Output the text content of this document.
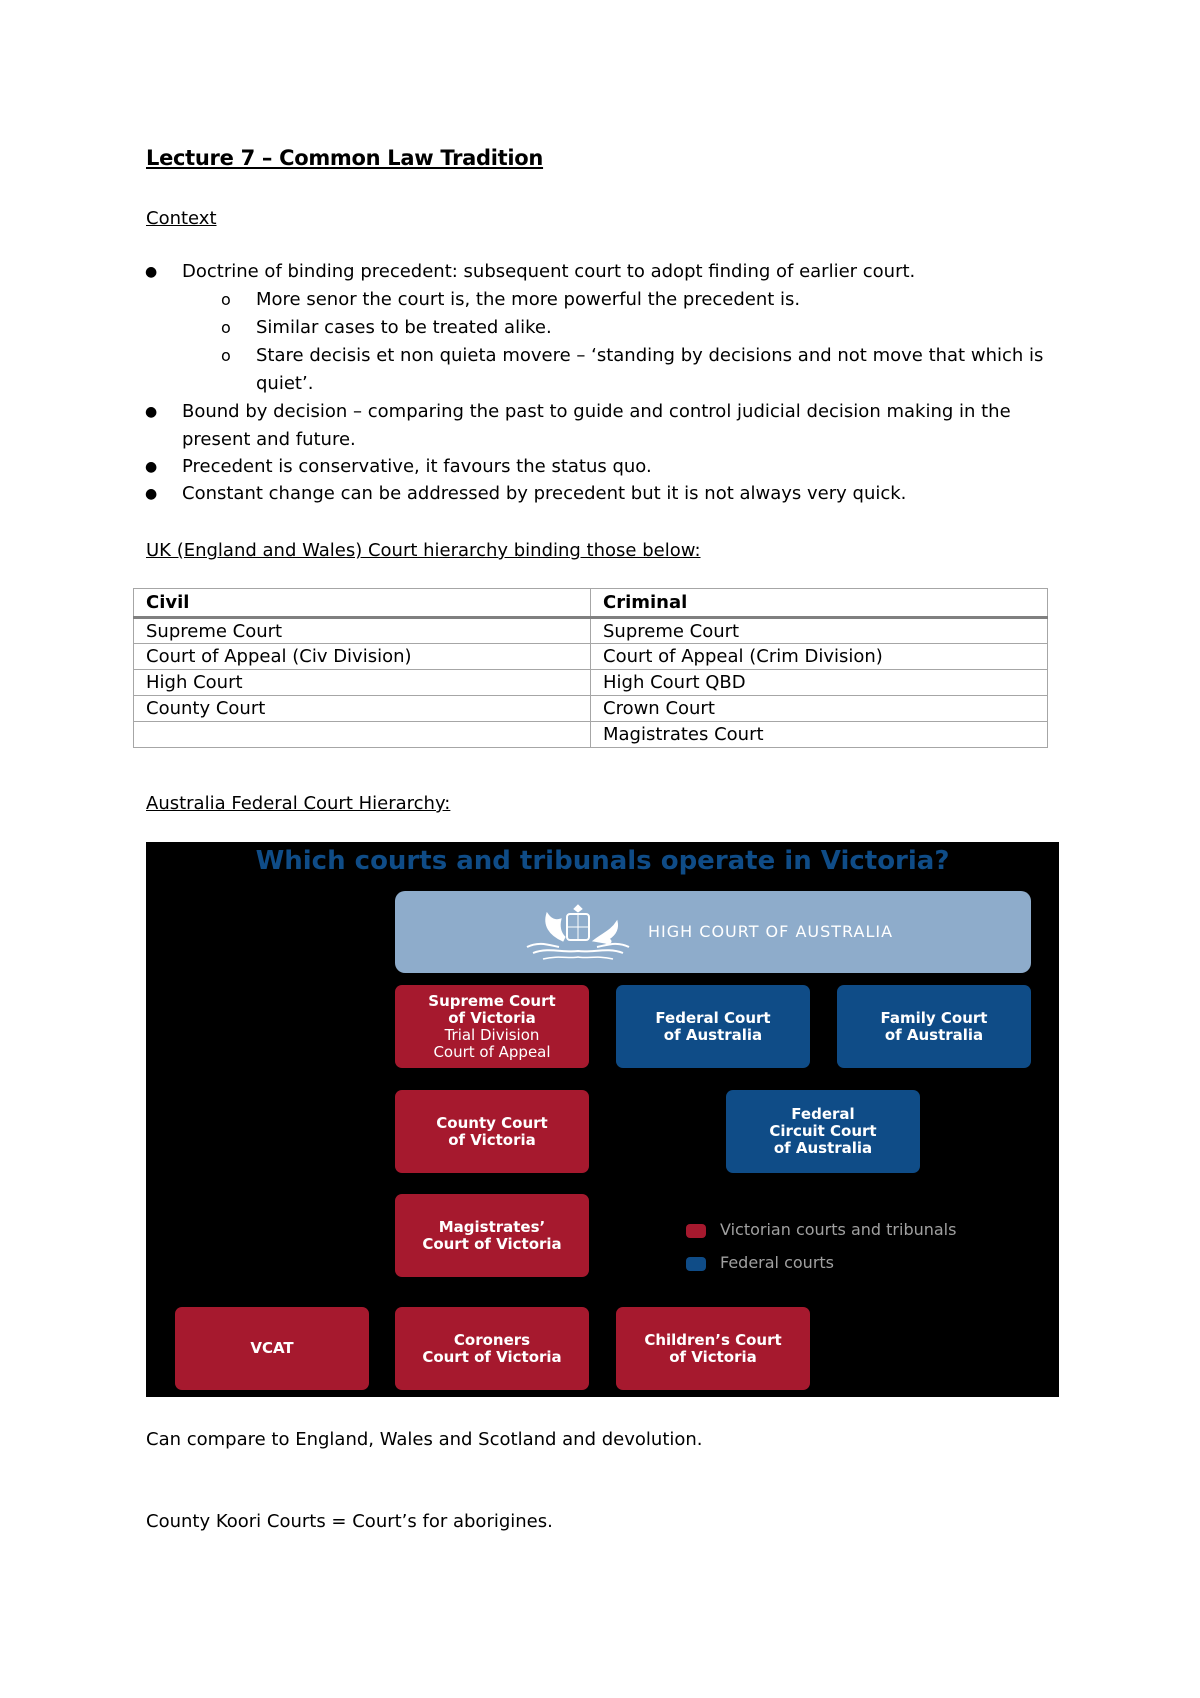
Lecture 7 – Common Law Tradition
Context
● Doctrine of binding precedent: subsequent court to adopt finding of earlier court.
o More senor the court is, the more powerful the precedent is.
o Similar cases to be treated alike.
o Stare decisis et non quieta movere – ‘standing by decisions and not move that which is
quiet’.
● Bound by decision – comparing the past to guide and control judicial decision making in the
present and future.
● Precedent is conservative, it favours the status quo.
● Constant change can be addressed by precedent but it is not always very quick.
UK (England and Wales) Court hierarchy binding those below:
Civil	Criminal
Supreme Court	Supreme Court
Court of Appeal (Civ Division)	Court of Appeal (Crim Division)
High Court	High Court QBD
County Court	Crown Court
	Magistrates Court
Australia Federal Court Hierarchy:
Which courts and tribunals operate in Victoria?
HIGH COURT OF AUSTRALIA
Supreme Court
of Victoria
Trial Division
Court of Appeal
Federal Court
of Australia
Family Court
of Australia
County Court
of Victoria
Federal
Circuit Court
of Australia
Magistrates’
Court of Victoria
Victorian courts and tribunals
Federal courts
VCAT	Coroners
Court of Victoria
Children’s Court
of Victoria
Can compare to England, Wales and Scotland and devolution.
County Koori Courts = Court’s for aborigines.
